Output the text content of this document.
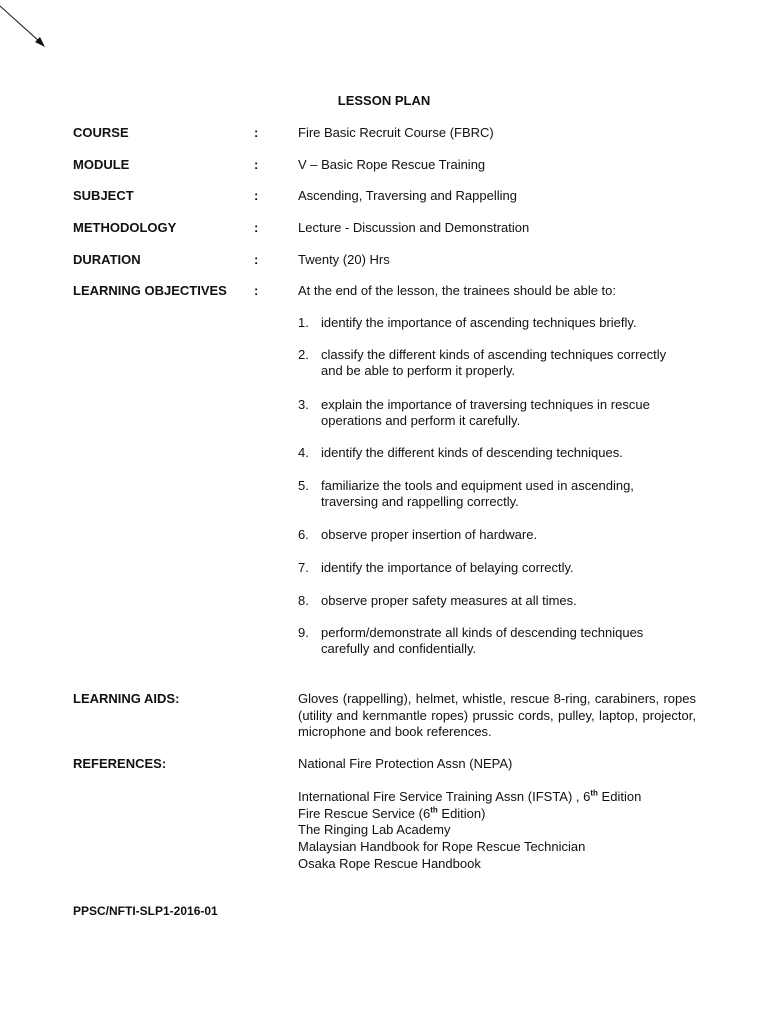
LESSON PLAN
COURSE	:	Fire Basic Recruit Course (FBRC)
MODULE	:	V – Basic Rope Rescue Training
SUBJECT	:	Ascending, Traversing and Rappelling
METHODOLOGY	:	Lecture - Discussion and Demonstration
DURATION	:	Twenty (20) Hrs
LEARNING OBJECTIVES :	At the end of the lesson, the trainees should be able to:
1. identify the importance of ascending techniques briefly.
2. classify the different kinds of ascending techniques correctly
and be able to perform it properly.
3. explain the importance of traversing techniques in rescue
operations and perform it carefully.
4. identify the different kinds of descending techniques.
5. familiarize the tools and equipment used in ascending,
traversing and rappelling correctly.
6. observe proper insertion of hardware.
7. identify the importance of belaying correctly.
8. observe proper safety measures at all times.
9. perform/demonstrate all kinds of descending techniques
carefully and confidentially.
LEARNING AIDS:	Gloves (rappelling), helmet, whistle, rescue 8-ring, carabiners, ropes (utility and kernmantle ropes) prussic cords, pulley, laptop, projector, microphone and book references.
REFERENCES:	National Fire Protection Assn (NEPA)
International Fire Service Training Assn (IFSTA) , 6th Edition
Fire Rescue Service (6th Edition)
The Ringing Lab Academy
Malaysian Handbook for Rope Rescue Technician
Osaka Rope Rescue Handbook
PPSC/NFTI-SLP1-2016-01
